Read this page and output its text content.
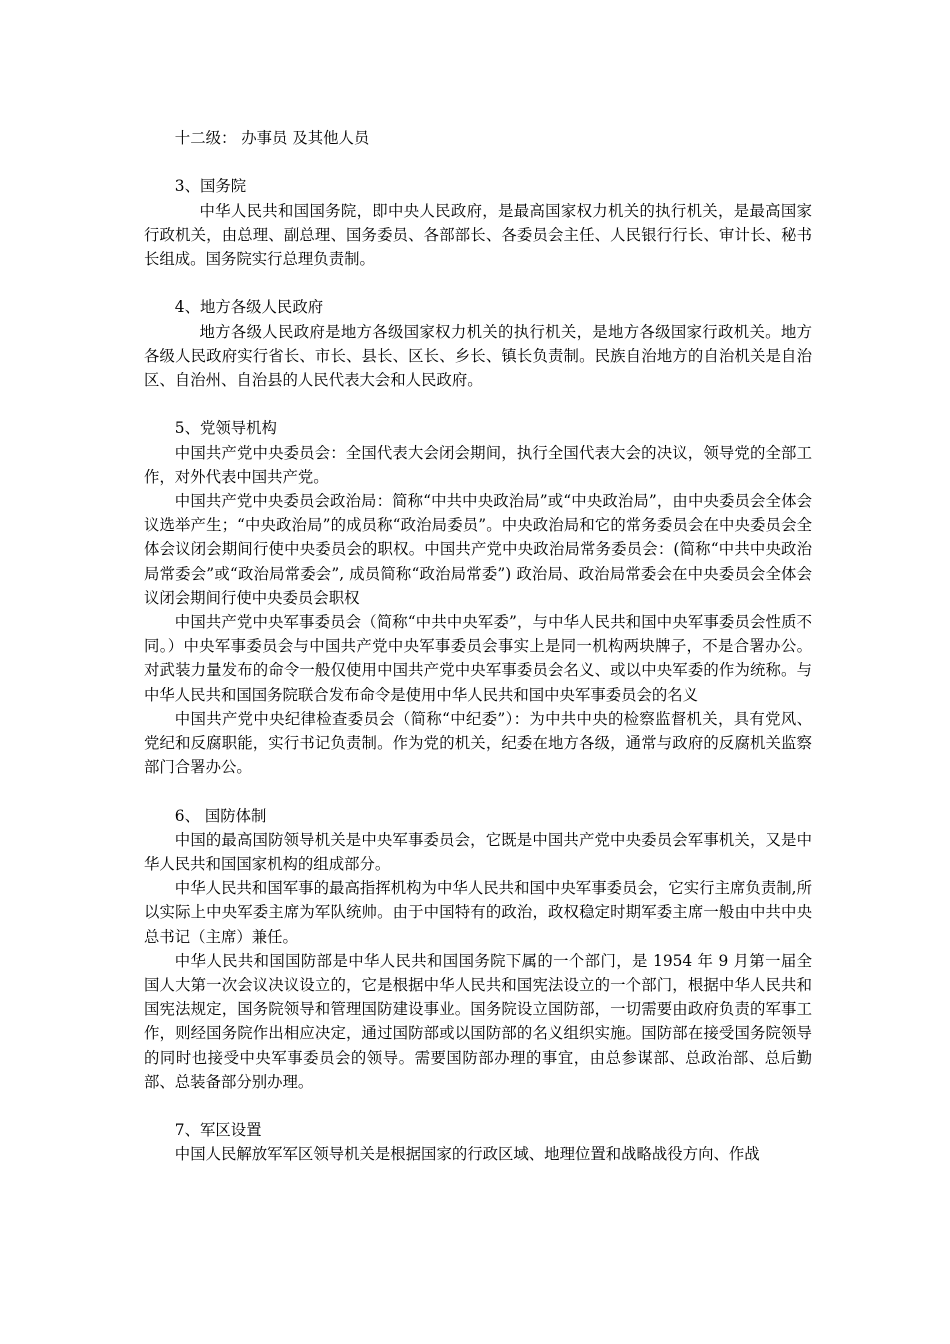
十二级： 办事员 及其他人员

3、国务院

中华人民共和国国务院，即中央人民政府，是最高国家权力机关的执行机关，是最高国家行政机关，由总理、副总理、国务委员、各部部长、各委员会主任、人民银行行长、审计长、秘书长组成。国务院实行总理负责制。

4、地方各级人民政府

地方各级人民政府是地方各级国家权力机关的执行机关，是地方各级国家行政机关。地方各级人民政府实行省长、市长、县长、区长、乡长、镇长负责制。民族自治地方的自治机关是自治区、自治州、自治县的人民代表大会和人民政府。

5、党领导机构

中国共产党中央委员会：全国代表大会闭会期间，执行全国代表大会的决议，领导党的全部工作，对外代表中国共产党。

中国共产党中央委员会政治局：简称“中共中央政治局”或“中央政治局”，由中央委员会全体会议选举产生；“中央政治局”的成员称“政治局委员”。中央政治局和它的常务委员会在中央委员会全体会议闭会期间行使中央委员会的职权。中国共产党中央政治局常务委员会：(简称“中共中央政治局常委会”或“政治局常委会”, 成员简称“政治局常委”) 政治局、政治局常委会在中央委员会全体会议闭会期间行使中央委员会职权

中国共产党中央军事委员会（简称“中共中央军委”，与中华人民共和国中央军事委员会性质不同。）中央军事委员会与中国共产党中央军事委员会事实上是同一机构两块牌子，不是合署办公。对武装力量发布的命令一般仅使用中国共产党中央军事委员会名义、或以中央军委的作为统称。与中华人民共和国国务院联合发布命令是使用中华人民共和国中央军事委员会的名义

中国共产党中央纪律检查委员会（简称“中纪委”）：为中共中央的检察监督机关，具有党风、党纪和反腐职能，实行书记负责制。作为党的机关，纪委在地方各级，通常与政府的反腐机关监察部门合署办公。

6、 国防体制

中国的最高国防领导机关是中央军事委员会，它既是中国共产党中央委员会军事机关，又是中华人民共和国国家机构的组成部分。

中华人民共和国军事的最高指挥机构为中华人民共和国中央军事委员会，它实行主席负责制,所以实际上中央军委主席为军队统帅。由于中国特有的政治，政权稳定时期军委主席一般由中共中央总书记（主席）兼任。

中华人民共和国国防部是中华人民共和国国务院下属的一个部门，是 1954 年 9 月第一届全国人大第一次会议决议设立的，它是根据中华人民共和国宪法设立的一个部门，根据中华人民共和国宪法规定，国务院领导和管理国防建设事业。国务院设立国防部，一切需要由政府负责的军事工作，则经国务院作出相应决定，通过国防部或以国防部的名义组织实施。国防部在接受国务院领导的同时也接受中央军事委员会的领导。需要国防部办理的事宜，由总参谋部、总政治部、总后勤部、总装备部分别办理。

7、军区设置

中国人民解放军军区领导机关是根据国家的行政区域、地理位置和战略战役方向、作战
